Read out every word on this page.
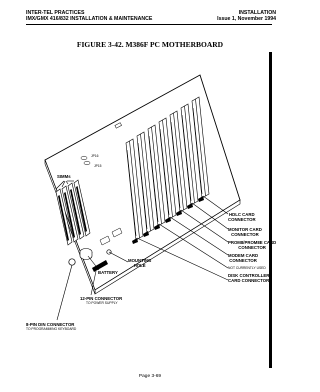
INTER-TEL PRACTICES
IMX/GMX 416/832 INSTALLATION & MAINTENANCE
INSTALLATION
Issue 1, November 1994
FIGURE 3-42. M386F PC MOTHERBOARD
JP16
JP15
SIMMs
HDLC CARD
CONNECTOR
MONITOR CARD
CONNECTOR
PROM8/PROM8E CARD
CONNECTOR
MODEM CARD
CONNECTOR
NOT CURRENTLY USED
DISK CONTROLLER
CARD CONNECTOR
MOUNTING
HOLE
BATTERY
12-PIN CONNECTOR
TO POWER SUPPLY
8-PIN DIN CONNECTOR
TO PROGRAMMING KEYBOARD
Page 3-69
